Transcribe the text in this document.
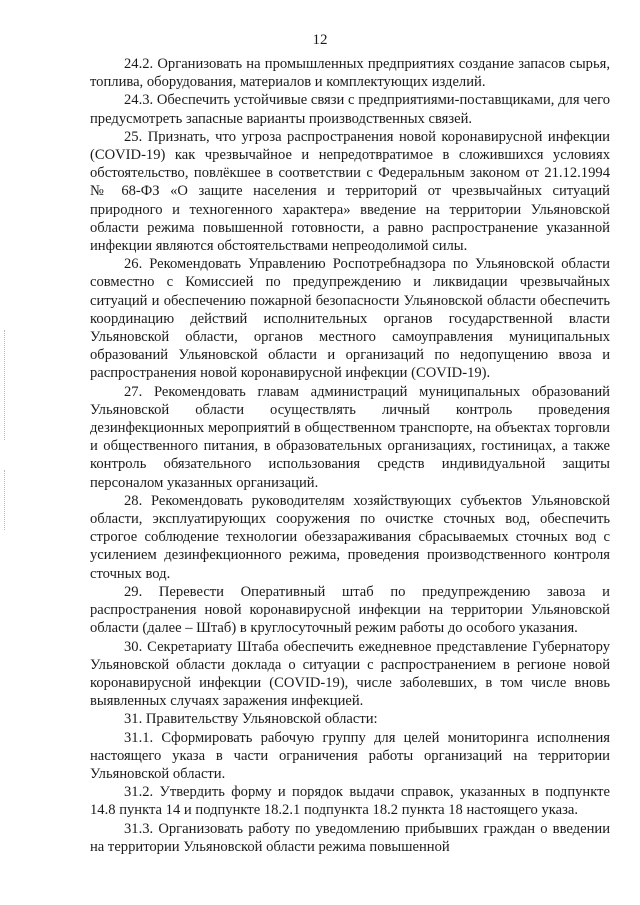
12

24.2. Организовать на промышленных предприятиях создание запасов сырья, топлива, оборудования, материалов и комплектующих изделий.

24.3. Обеспечить устойчивые связи с предприятиями-поставщиками, для чего предусмотреть запасные варианты производственных связей.

25. Признать, что угроза распространения новой коронавирусной инфекции (COVID-19) как чрезвычайное и непредотвратимое в сложившихся условиях обстоятельство, повлёкшее в соответствии с Федеральным законом от 21.12.1994 № 68-ФЗ «О защите населения и территорий от чрезвычайных ситуаций природного и техногенного характера» введение на территории Ульяновской области режима повышенной готовности, а равно распространение указанной инфекции являются обстоятельствами непреодолимой силы.

26. Рекомендовать Управлению Роспотребнадзора по Ульяновской области совместно с Комиссией по предупреждению и ликвидации чрезвычайных ситуаций и обеспечению пожарной безопасности Ульяновской области обеспечить координацию действий исполнительных органов государственной власти Ульяновской области, органов местного самоуправления муниципальных образований Ульяновской области и организаций по недопущению ввоза и распространения новой коронавирусной инфекции (COVID-19).

27. Рекомендовать главам администраций муниципальных образований Ульяновской области осуществлять личный контроль проведения дезинфекционных мероприятий в общественном транспорте, на объектах торговли и общественного питания, в образовательных организациях, гостиницах, а также контроль обязательного использования средств индивидуальной защиты персоналом указанных организаций.

28. Рекомендовать руководителям хозяйствующих субъектов Ульяновской области, эксплуатирующих сооружения по очистке сточных вод, обеспечить строгое соблюдение технологии обеззараживания сбрасываемых сточных вод с усилением дезинфекционного режима, проведения производственного контроля сточных вод.

29. Перевести Оперативный штаб по предупреждению завоза и распространения новой коронавирусной инфекции на территории Ульяновской области (далее – Штаб) в круглосуточный режим работы до особого указания.

30. Секретариату Штаба обеспечить ежедневное представление Губернатору Ульяновской области доклада о ситуации с распространением в регионе новой коронавирусной инфекции (COVID-19), числе заболевших, в том числе вновь выявленных случаях заражения инфекцией.

31. Правительству Ульяновской области:

31.1. Сформировать рабочую группу для целей мониторинга исполнения настоящего указа в части ограничения работы организаций на территории Ульяновской области.

31.2. Утвердить форму и порядок выдачи справок, указанных в подпункте 14.8 пункта 14 и подпункте 18.2.1 подпункта 18.2 пункта 18 настоящего указа.

31.3. Организовать работу по уведомлению прибывших граждан о введении на территории Ульяновской области режима повышенной
